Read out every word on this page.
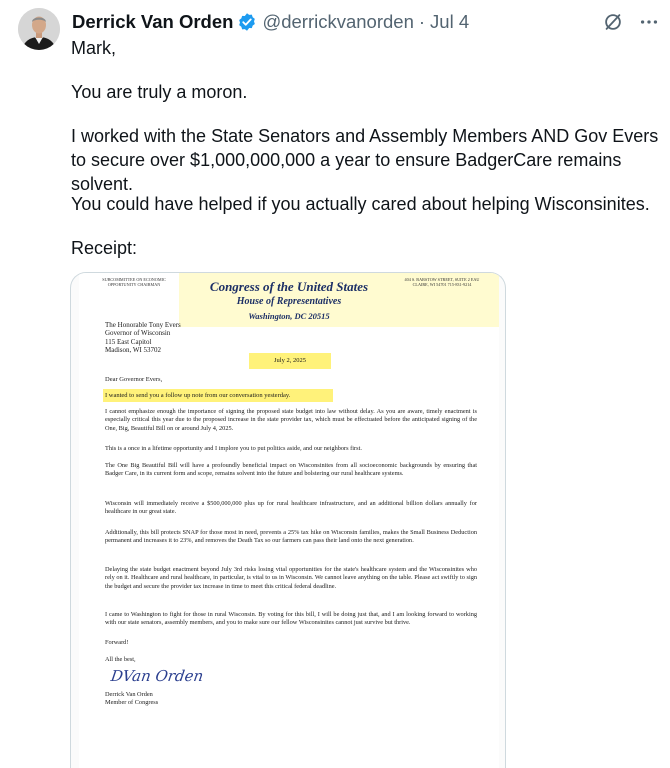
Derrick Van Orden @derrickvanorden · Jul 4

Mark,

You are truly a moron.

I worked with the State Senators and Assembly Members AND Gov Evers to secure over $1,000,000,000 a year to ensure BadgerCare remains solvent.

You could have helped if you actually cared about helping Wisconsinites.

Receipt:

SUBCOMMITTEE ON ECONOMIC OPPORTUNITY CHAIRMAN
404 S. BARSTOW STREET, SUITE 2 EAU CLAIRE, WI 54701 715-831-9214
Congress of the United States
House of Representatives
Washington, DC 20515
The Honorable Tony Evers
Governor of Wisconsin
115 East Capitol
Madison, WI 53702
July 2, 2025
Dear Governor Evers,
I wanted to send you a follow up note from our conversation yesterday.
I cannot emphasize enough the importance of signing the proposed state budget into law without delay. As you are aware, timely enactment is especially critical this year due to the proposed increase in the state provider tax, which must be effectuated before the anticipated signing of the One, Big, Beautiful Bill on or around July 4, 2025.
This is a once in a lifetime opportunity and I implore you to put politics aside, and our neighbors first.
The One Big Beautiful Bill will have a profoundly beneficial impact on Wisconsinites from all socioeconomic backgrounds by ensuring that Badger Care, in its current form and scope, remains solvent into the future and bolstering our rural healthcare systems.
Wisconsin will immediately receive a $500,000,000 plus up for rural healthcare infrastructure, and an additional billion dollars annually for healthcare in our great state.
Additionally, this bill protects SNAP for those most in need, prevents a 25% tax hike on Wisconsin families, makes the Small Business Deduction permanent and increases it to 23%, and removes the Death Tax so our farmers can pass their land onto the next generation.
Delaying the state budget enactment beyond July 3rd risks losing vital opportunities for the state's healthcare system and the Wisconsinites who rely on it. Healthcare and rural healthcare, in particular, is vital to us in Wisconsin. We cannot leave anything on the table. Please act swiftly to sign the budget and secure the provider tax increase in time to meet this critical federal deadline.
I came to Washington to fight for those in rural Wisconsin. By voting for this bill, I will be doing just that, and I am looking forward to working with our state senators, assembly members, and you to make sure our fellow Wisconsinites cannot just survive but thrive.
Forward!
All the best,
DVan Orden
Derrick Van Orden
Member of Congress
